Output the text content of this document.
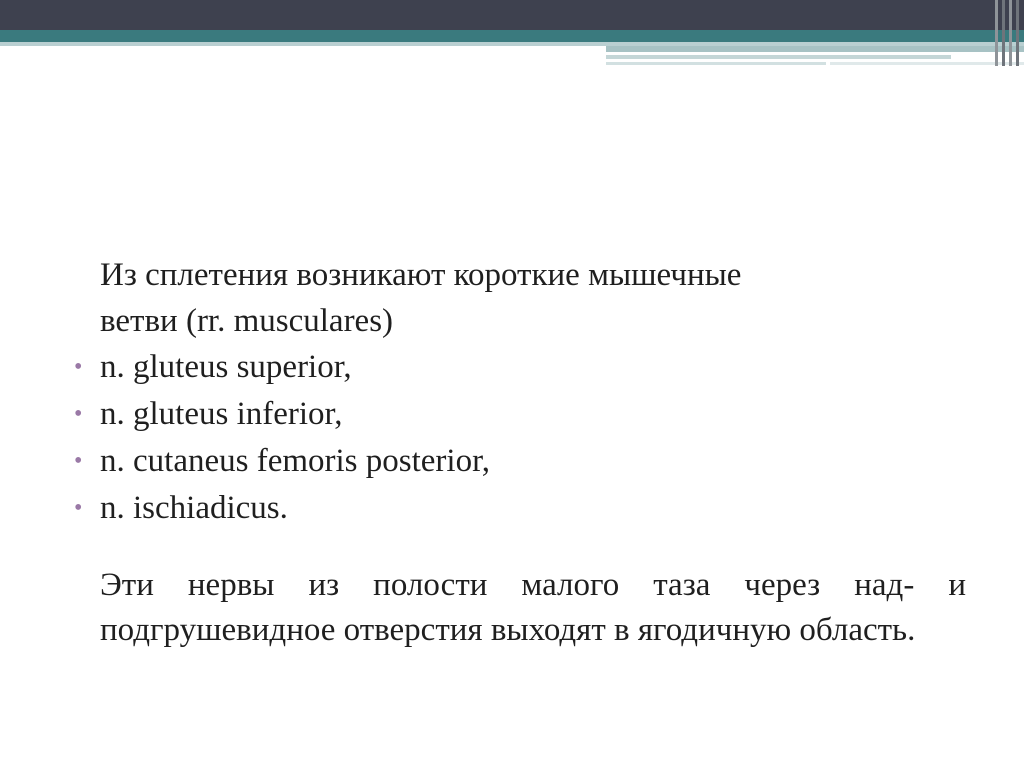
Из сплетения возникают короткие мышечные ветви (rr. musculares)

• n. gluteus superior,
• n. gluteus inferior,
• n. cutaneus femoris posterior,
• n. ischiadicus.

Эти нервы из полости малого таза через над- и подгрушевидное отверстия выходят в ягодичную область.
